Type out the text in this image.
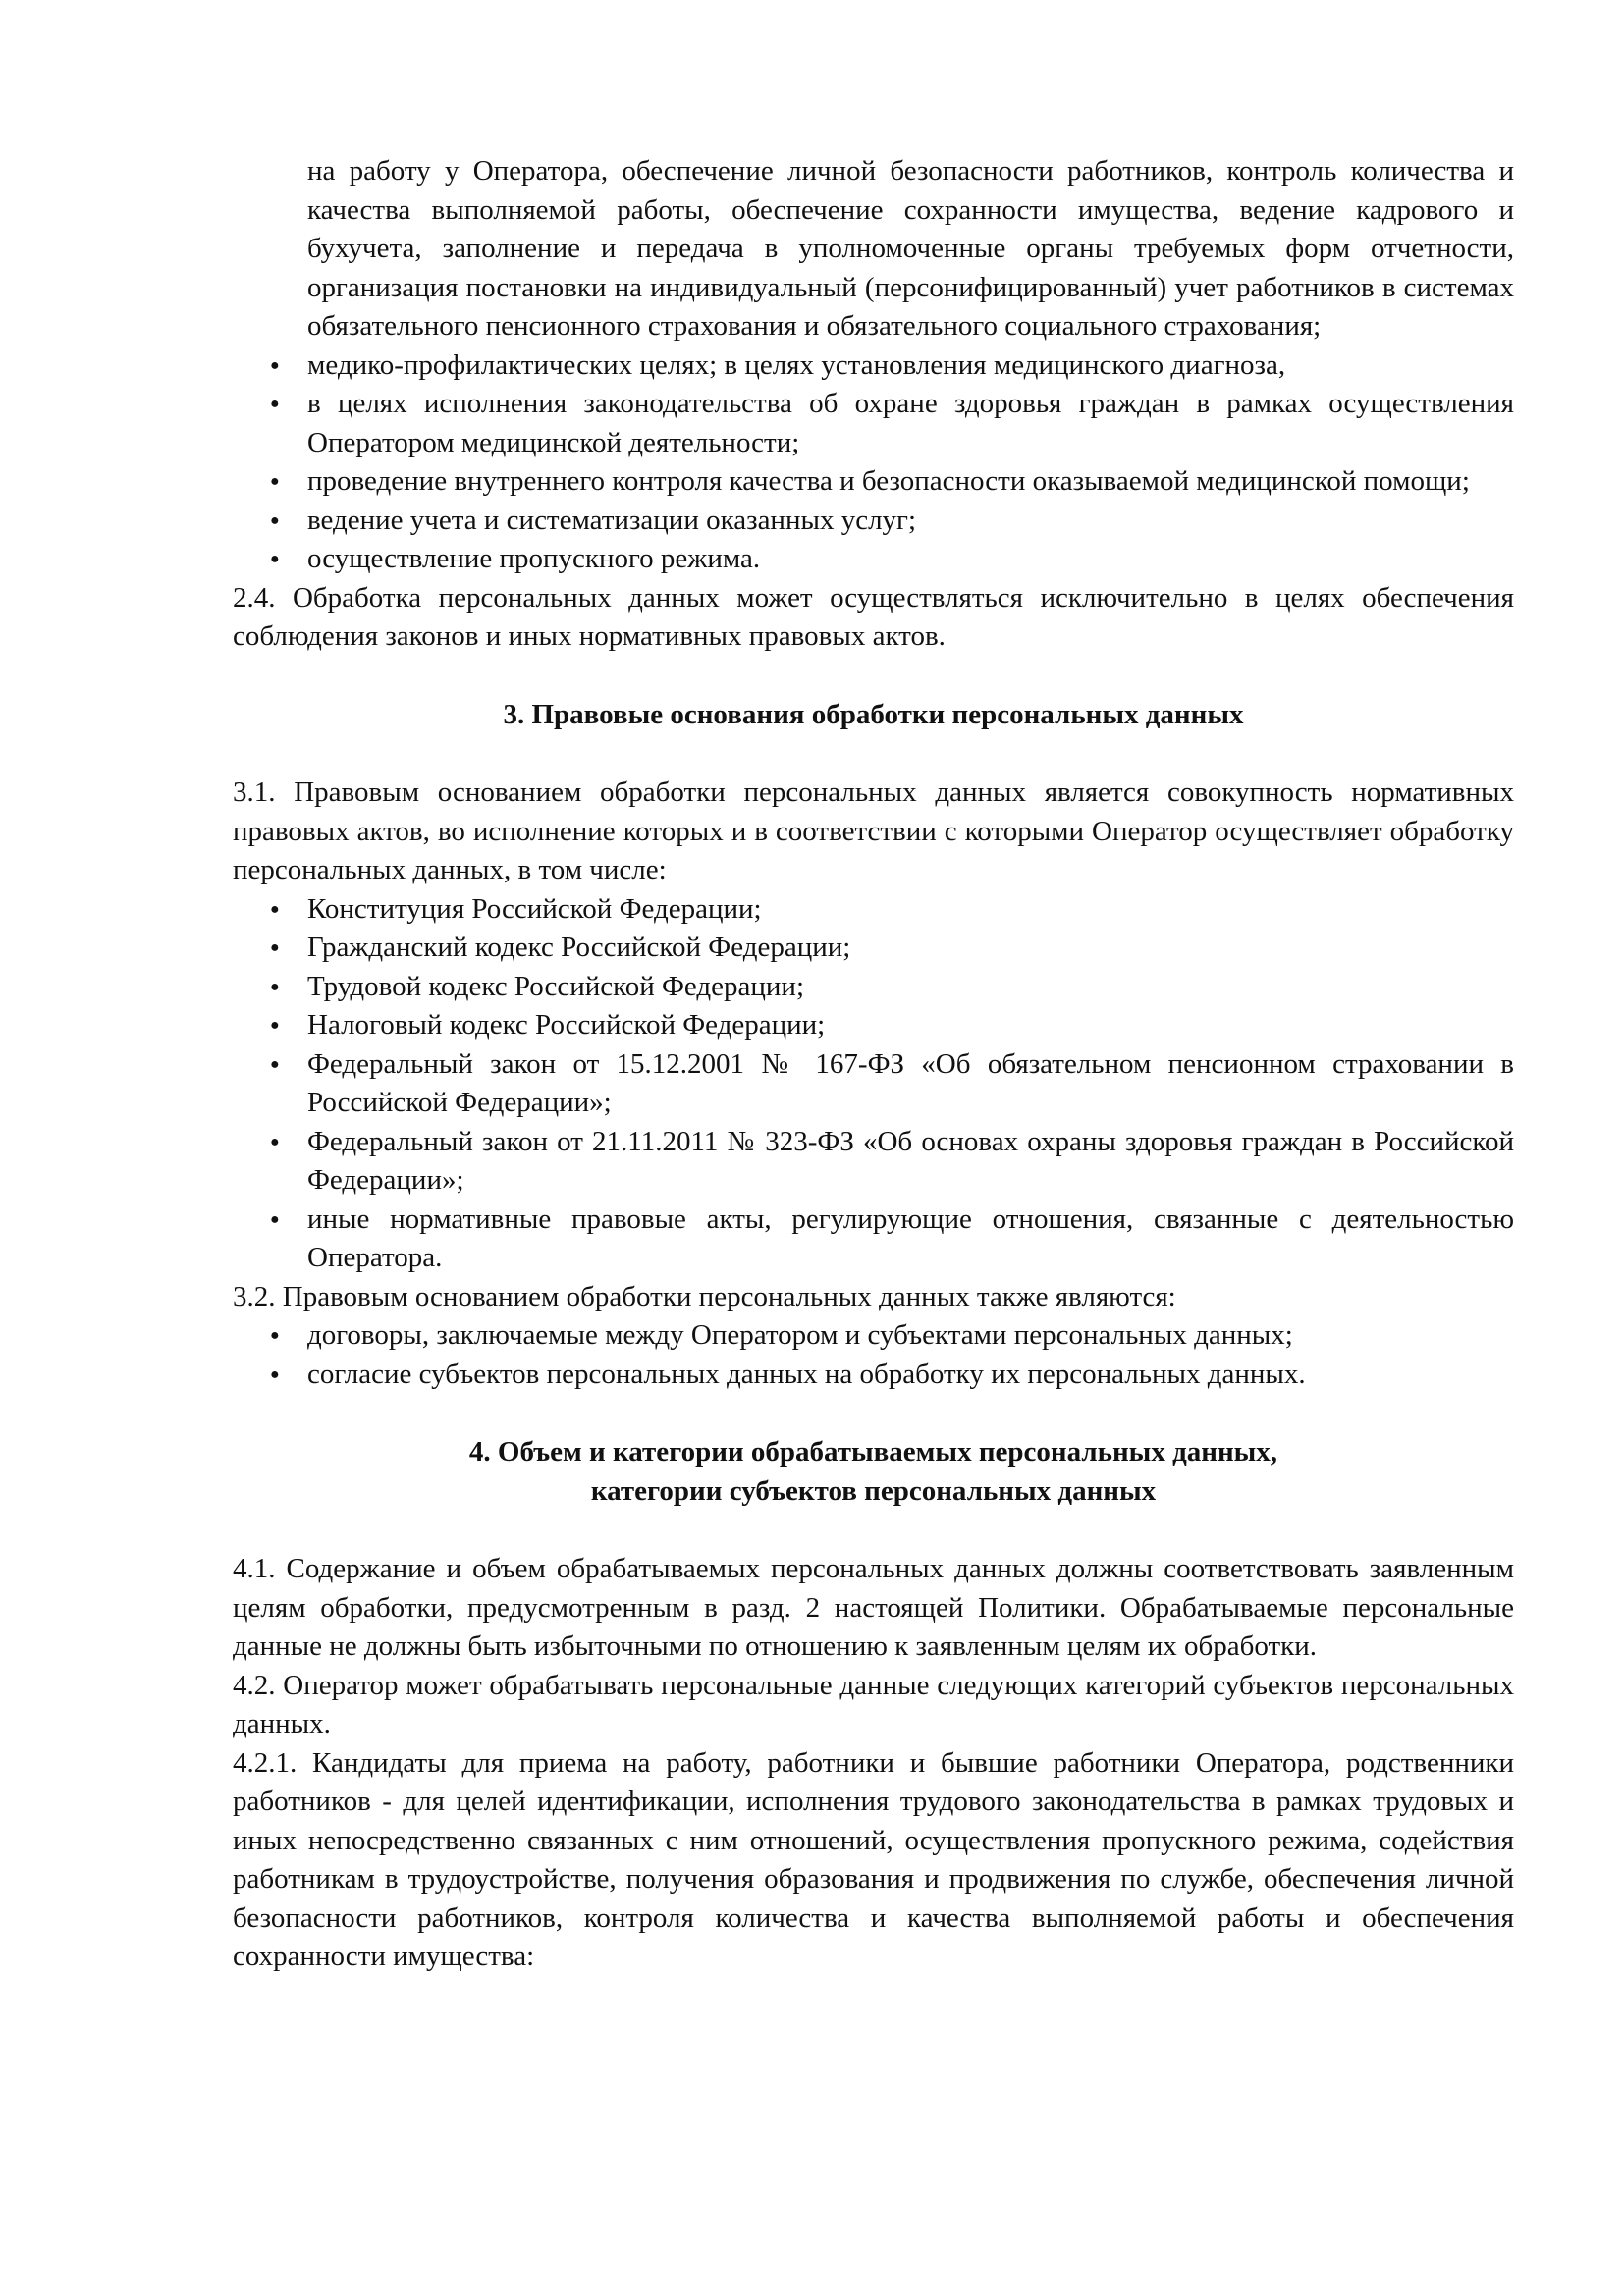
на работу у Оператора, обеспечение личной безопасности работников, контроль количества и качества выполняемой работы, обеспечение сохранности имущества, ведение кадрового и бухучета, заполнение и передача в уполномоченные органы требуемых форм отчетности, организация постановки на индивидуальный (персонифицированный) учет работников в системах обязательного пенсионного страхования и обязательного социального страхования;

● медико-профилактических целях; в целях установления медицинского диагноза,
● в целях исполнения законодательства об охране здоровья граждан в рамках осуществления Оператором медицинской деятельности;
● проведение внутреннего контроля качества и безопасности оказываемой медицинской помощи;
● ведение учета и систематизации оказанных услуг;
● осуществление пропускного режима.

2.4. Обработка персональных данных может осуществляться исключительно в целях обеспечения соблюдения законов и иных нормативных правовых актов.

3. Правовые основания обработки персональных данных

3.1. Правовым основанием обработки персональных данных является совокупность нормативных правовых актов, во исполнение которых и в соответствии с которыми Оператор осуществляет обработку персональных данных, в том числе:

● Конституция Российской Федерации;
● Гражданский кодекс Российской Федерации;
● Трудовой кодекс Российской Федерации;
● Налоговый кодекс Российской Федерации;
● Федеральный закон от 15.12.2001 № 167-ФЗ «Об обязательном пенсионном страховании в Российской Федерации»;
● Федеральный закон от 21.11.2011 № 323-ФЗ «Об основах охраны здоровья граждан в Российской Федерации»;
● иные нормативные правовые акты, регулирующие отношения, связанные с деятельностью Оператора.

3.2. Правовым основанием обработки персональных данных также являются:

● договоры, заключаемые между Оператором и субъектами персональных данных;
● согласие субъектов персональных данных на обработку их персональных данных.
4. Объем и категории обрабатываемых персональных данных,
категории субъектов персональных данных

4.1. Содержание и объем обрабатываемых персональных данных должны соответствовать заявленным целям обработки, предусмотренным в разд. 2 настоящей Политики. Обрабатываемые персональные данные не должны быть избыточными по отношению к заявленным целям их обработки.

4.2. Оператор может обрабатывать персональные данные следующих категорий субъектов персональных данных.

4.2.1. Кандидаты для приема на работу, работники и бывшие работники Оператора, родственники работников - для целей идентификации, исполнения трудового законодательства в рамках трудовых и иных непосредственно связанных с ним отношений, осуществления пропускного режима, содействия работникам в трудоустройстве, получения образования и продвижения по службе, обеспечения личной безопасности работников, контроля количества и качества выполняемой работы и обеспечения сохранности имущества:
